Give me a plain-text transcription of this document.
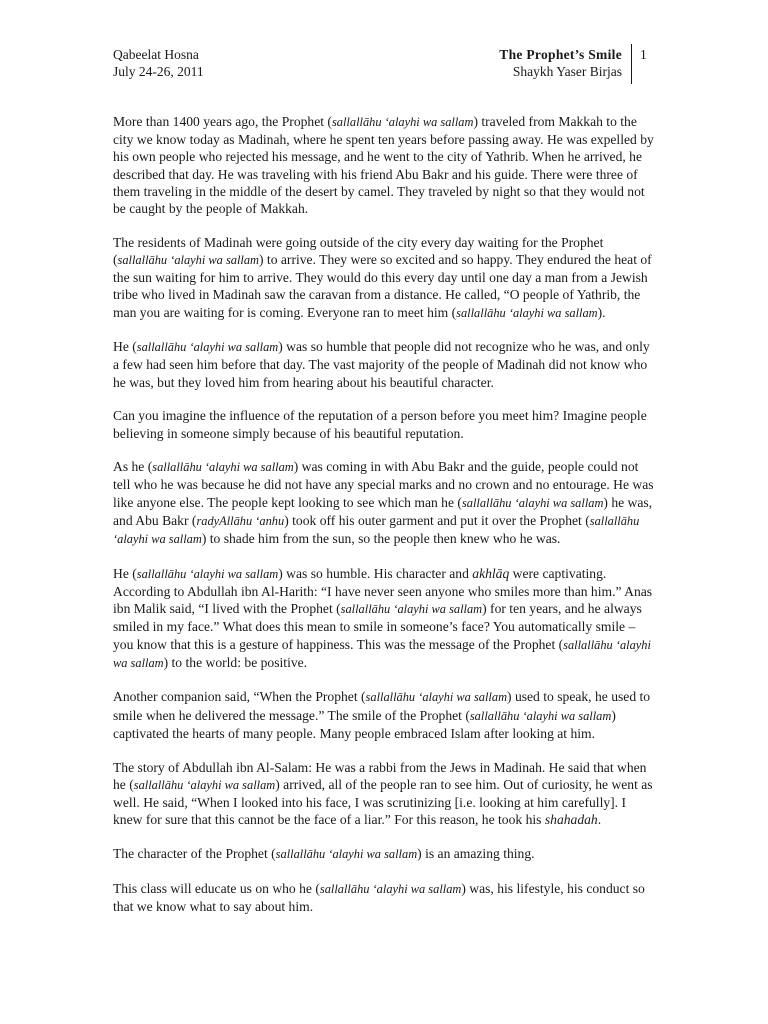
Qabeelat Hosna
July 24-26, 2011
The Prophet’s Smile
Shaykh Yaser Birjas
1

More than 1400 years ago, the Prophet (sallallāhu ‘alayhi wa sallam) traveled from Makkah to the city we know today as Madinah, where he spent ten years before passing away. He was expelled by his own people who rejected his message, and he went to the city of Yathrib. When he arrived, he described that day. He was traveling with his friend Abu Bakr and his guide. There were three of them traveling in the middle of the desert by camel. They traveled by night so that they would not be caught by the people of Makkah.

The residents of Madinah were going outside of the city every day waiting for the Prophet (sallallāhu ‘alayhi wa sallam) to arrive. They were so excited and so happy. They endured the heat of the sun waiting for him to arrive. They would do this every day until one day a man from a Jewish tribe who lived in Madinah saw the caravan from a distance. He called, “O people of Yathrib, the man you are waiting for is coming. Everyone ran to meet him (sallallāhu ‘alayhi wa sallam).

He (sallallāhu ‘alayhi wa sallam) was so humble that people did not recognize who he was, and only a few had seen him before that day. The vast majority of the people of Madinah did not know who he was, but they loved him from hearing about his beautiful character.

Can you imagine the influence of the reputation of a person before you meet him? Imagine people believing in someone simply because of his beautiful reputation.

As he (sallallāhu ‘alayhi wa sallam) was coming in with Abu Bakr and the guide, people could not tell who he was because he did not have any special marks and no crown and no entourage. He was like anyone else. The people kept looking to see which man he (sallallāhu ‘alayhi wa sallam) he was, and Abu Bakr (radyAllāhu ‘anhu) took off his outer garment and put it over the Prophet (sallallāhu ‘alayhi wa sallam) to shade him from the sun, so the people then knew who he was.

He (sallallāhu ‘alayhi wa sallam) was so humble. His character and akhlāq were captivating. According to Abdullah ibn Al-Harith: “I have never seen anyone who smiles more than him.” Anas ibn Malik said, “I lived with the Prophet (sallallāhu ‘alayhi wa sallam) for ten years, and he always smiled in my face.” What does this mean to smile in someone’s face? You automatically smile – you know that this is a gesture of happiness. This was the message of the Prophet (sallallāhu ‘alayhi wa sallam) to the world: be positive.

Another companion said, “When the Prophet (sallallāhu ‘alayhi wa sallam) used to speak, he used to smile when he delivered the message.” The smile of the Prophet (sallallāhu ‘alayhi wa sallam) captivated the hearts of many people. Many people embraced Islam after looking at him.

The story of Abdullah ibn Al-Salam: He was a rabbi from the Jews in Madinah. He said that when he (sallallāhu ‘alayhi wa sallam) arrived, all of the people ran to see him. Out of curiosity, he went as well. He said, “When I looked into his face, I was scrutinizing [i.e. looking at him carefully]. I knew for sure that this cannot be the face of a liar.” For this reason, he took his shahadah.

The character of the Prophet (sallallāhu ‘alayhi wa sallam) is an amazing thing.

This class will educate us on who he (sallallāhu ‘alayhi wa sallam) was, his lifestyle, his conduct so that we know what to say about him.
